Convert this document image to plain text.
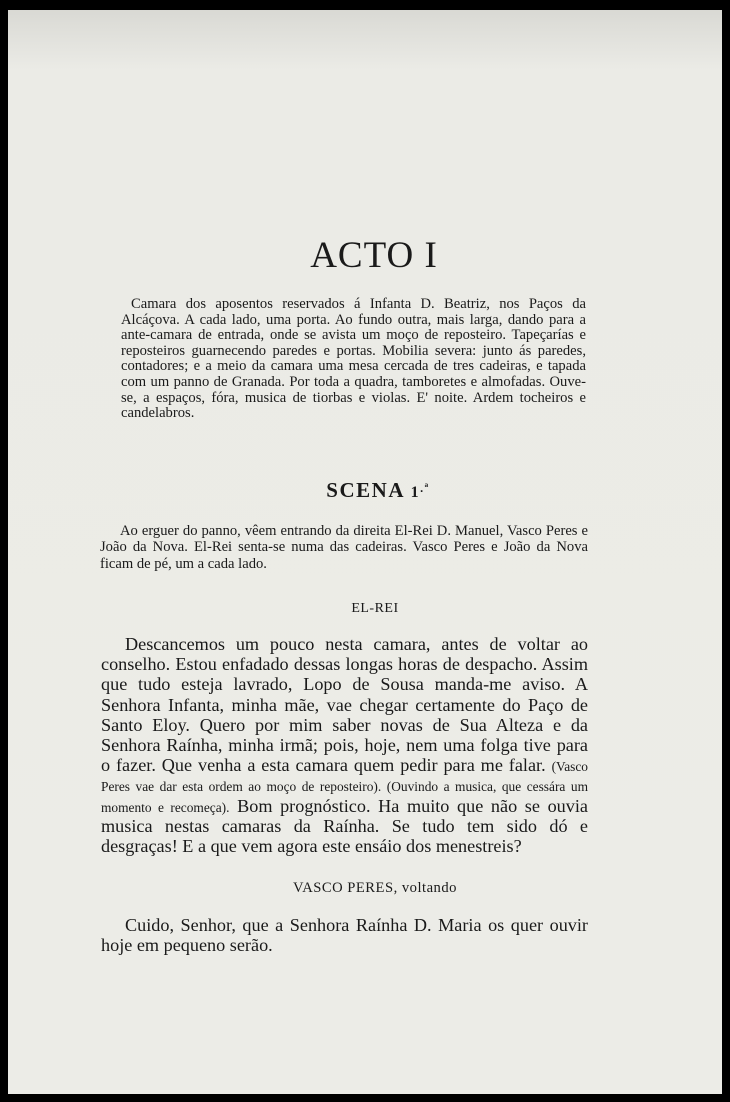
ACTO I

Camara dos aposentos reservados á Infanta D. Beatriz, nos Paços da Alcáçova. A cada lado, uma porta. Ao fundo outra, mais larga, dando para a ante-camara de entrada, onde se avista um moço de reposteiro. Tapeçarías e reposteiros guarnecendo paredes e portas. Mobilia severa: junto ás paredes, contadores; e a meio da camara uma mesa cercada de tres cadeiras, e tapada com um panno de Granada. Por toda a quadra, tamboretes e almofadas. Ouve-se, a espaços, fóra, musica de tiorbas e violas. E' noite. Ardem tocheiros e candelabros.

SCENA $1^{.ª}$

Ao erguer do panno, vêem entrando da direita El-Rei D. Manuel, Vasco Peres e João da Nova. El-Rei senta-se numa das cadeiras. Vasco Peres e João da Nova ficam de pé, um a cada lado.

EL-REI

Descancemos um pouco nesta camara, antes de voltar ao conselho. Estou enfadado dessas longas horas de despacho. Assim que tudo esteja lavrado, Lopo de Sousa manda-me aviso. A Senhora Infanta, minha mãe, vae chegar certamente do Paço de Santo Eloy. Quero por mim saber novas de Sua Alteza e da Senhora Raínha, minha irmã; pois, hoje, nem uma folga tive para o fazer. Que venha a esta camara quem pedir para me falar. (Vasco Peres vae dar esta ordem ao moço de reposteiro). (Ouvindo a musica, que cessára um momento e recomeça). Bom prognóstico. Ha muito que não se ouvia musica nestas camaras da Raínha. Se tudo tem sido dó e desgraças! E a que vem agora este ensáio dos menestreis?

VASCO PERES, voltando

Cuido, Senhor, que a Senhora Raínha D. Maria os quer ouvir hoje em pequeno serão.
